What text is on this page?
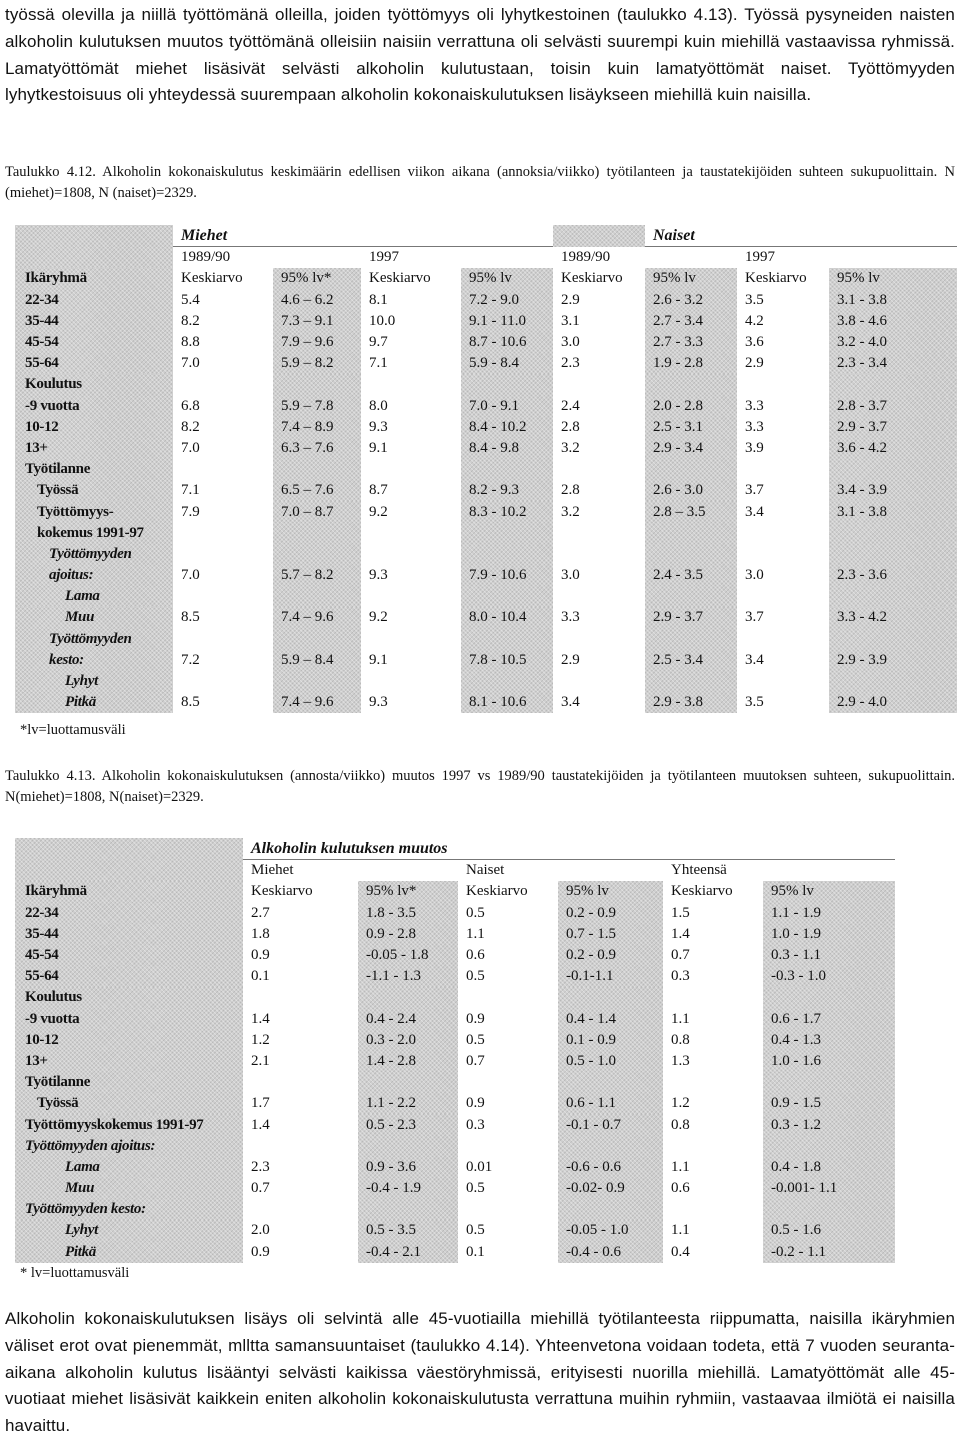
työssä olevilla ja niillä työttömänä olleilla, joiden työttömyys oli lyhytkestoinen (taulukko 4.13). Työssä pysyneiden naisten alkoholin kulutuksen muutos työttömänä olleisiin naisiin verrattuna oli selvästi suurempi kuin miehillä vastaavissa ryhmissä. Lamatyöttömät miehet lisäsivät selvästi alkoholin kulutustaan, toisin kuin lamatyöttömät naiset. Työttömyyden lyhytkestoisuus oli yhteydessä suurempaan alkoholin kokonaiskulutuksen lisäykseen miehillä kuin naisilla.
Taulukko 4.12. Alkoholin kokonaiskulutus keskimäärin edellisen viikon aikana (annoksia/viikko) työtilanteen ja taustatekijöiden suhteen sukupuolittain. N (miehet)=1808, N (naiset)=2329.
	Miehet					Naiset		
	1989/90		1997		1989/90		1997	
Ikäryhmä	Keskiarvo	95% lv*	Keskiarvo	95% lv	Keskiarvo	95% lv	Keskiarvo	95% lv
22-34	5.4	4.6 – 6.2	8.1	7.2 - 9.0	2.9	2.6 - 3.2	3.5	3.1 - 3.8
35-44	8.2	7.3 – 9.1	10.0	9.1 - 11.0	3.1	2.7 - 3.4	4.2	3.8 - 4.6
45-54	8.8	7.9 – 9.6	9.7	8.7 - 10.6	3.0	2.7 - 3.3	3.6	3.2 - 4.0
55-64	7.0	5.9 – 8.2	7.1	5.9 - 8.4	2.3	1.9 - 2.8	2.9	2.3 - 3.4
Koulutus								
-9 vuotta	6.8	5.9 – 7.8	8.0	7.0 - 9.1	2.4	2.0 - 2.8	3.3	2.8 - 3.7
10-12	8.2	7.4 – 8.9	9.3	8.4 - 10.2	2.8	2.5 - 3.1	3.3	2.9 - 3.7
13+	7.0	6.3 – 7.6	9.1	8.4 - 9.8	3.2	2.9 - 3.4	3.9	3.6 - 4.2
Työtilanne								
Työssä	7.1	6.5 – 7.6	8.7	8.2 - 9.3	2.8	2.6 - 3.0	3.7	3.4 - 3.9
Työttömyys-	7.9	7.0 – 8.7	9.2	8.3 - 10.2	3.2	2.8 – 3.5	3.4	3.1 - 3.8
kokemus 1991-97								
Työttömyyden								
ajoitus:	7.0	5.7 – 8.2	9.3	7.9 - 10.6	3.0	2.4 - 3.5	3.0	2.3 - 3.6
Lama								
Muu	8.5	7.4 – 9.6	9.2	8.0 - 10.4	3.3	2.9 - 3.7	3.7	3.3 - 4.2
Työttömyyden								
kesto:	7.2	5.9 – 8.4	9.1	7.8 - 10.5	2.9	2.5 - 3.4	3.4	2.9 - 3.9
Lyhyt								
Pitkä	8.5	7.4 – 9.6	9.3	8.1 - 10.6	3.4	2.9 - 3.8	3.5	2.9 - 4.0
*lv=luottamusväli
Taulukko 4.13. Alkoholin kokonaiskulutuksen (annosta/viikko) muutos 1997 vs 1989/90 taustatekijöiden ja työtilanteen muutoksen suhteen, sukupuolittain. N(miehet)=1808, N(naiset)=2329.
	Alkoholin kulutuksen muutos					
	Miehet		Naiset		Yhteensä	
Ikäryhmä	Keskiarvo	95% lv*	Keskiarvo	95% lv	Keskiarvo	95% lv
22-34	2.7	1.8 - 3.5	0.5	0.2 - 0.9	1.5	1.1 - 1.9
35-44	1.8	0.9 - 2.8	1.1	0.7 - 1.5	1.4	1.0 - 1.9
45-54	0.9	-0.05 - 1.8	0.6	0.2 - 0.9	0.7	0.3 - 1.1
55-64	0.1	-1.1 - 1.3	0.5	-0.1-1.1	0.3	-0.3 - 1.0
Koulutus						
-9 vuotta	1.4	0.4 - 2.4	0.9	0.4 - 1.4	1.1	0.6 - 1.7
10-12	1.2	0.3 - 2.0	0.5	0.1 - 0.9	0.8	0.4 - 1.3
13+	2.1	1.4 - 2.8	0.7	0.5 - 1.0	1.3	1.0 - 1.6
Työtilanne						
Työssä	1.7	1.1 - 2.2	0.9	0.6 - 1.1	1.2	0.9 - 1.5
Työttömyyskokemus 1991-97	1.4	0.5 - 2.3	0.3	-0.1 - 0.7	0.8	0.3 - 1.2
Työttömyyden ajoitus:						
Lama	2.3	0.9 - 3.6	0.01	-0.6 - 0.6	1.1	0.4 - 1.8
Muu	0.7	-0.4 - 1.9	0.5	-0.02- 0.9	0.6	-0.001- 1.1
Työttömyyden kesto:						
Lyhyt	2.0	0.5 - 3.5	0.5	-0.05 - 1.0	1.1	0.5 - 1.6
Pitkä	0.9	-0.4 - 2.1	0.1	-0.4 - 0.6	0.4	-0.2 - 1.1
* lv=luottamusväli
Alkoholin kokonaiskulutuksen lisäys oli selvintä alle 45-vuotiailla miehillä työtilanteesta riippumatta, naisilla ikäryhmien väliset erot ovat pienemmät, mlltta samansuuntaiset (taulukko 4.14). Yhteenvetona voidaan todeta, että 7 vuoden seuranta-aikana alkoholin kulutus lisääntyi selvästi kaikissa väestöryhmissä, erityisesti nuorilla miehillä. Lamatyöttömät alle 45-vuotiaat miehet lisäsivät kaikkein eniten alkoholin kokonaiskulutusta verrattuna muihin ryhmiin, vastaavaa ilmiötä ei naisilla havaittu.
